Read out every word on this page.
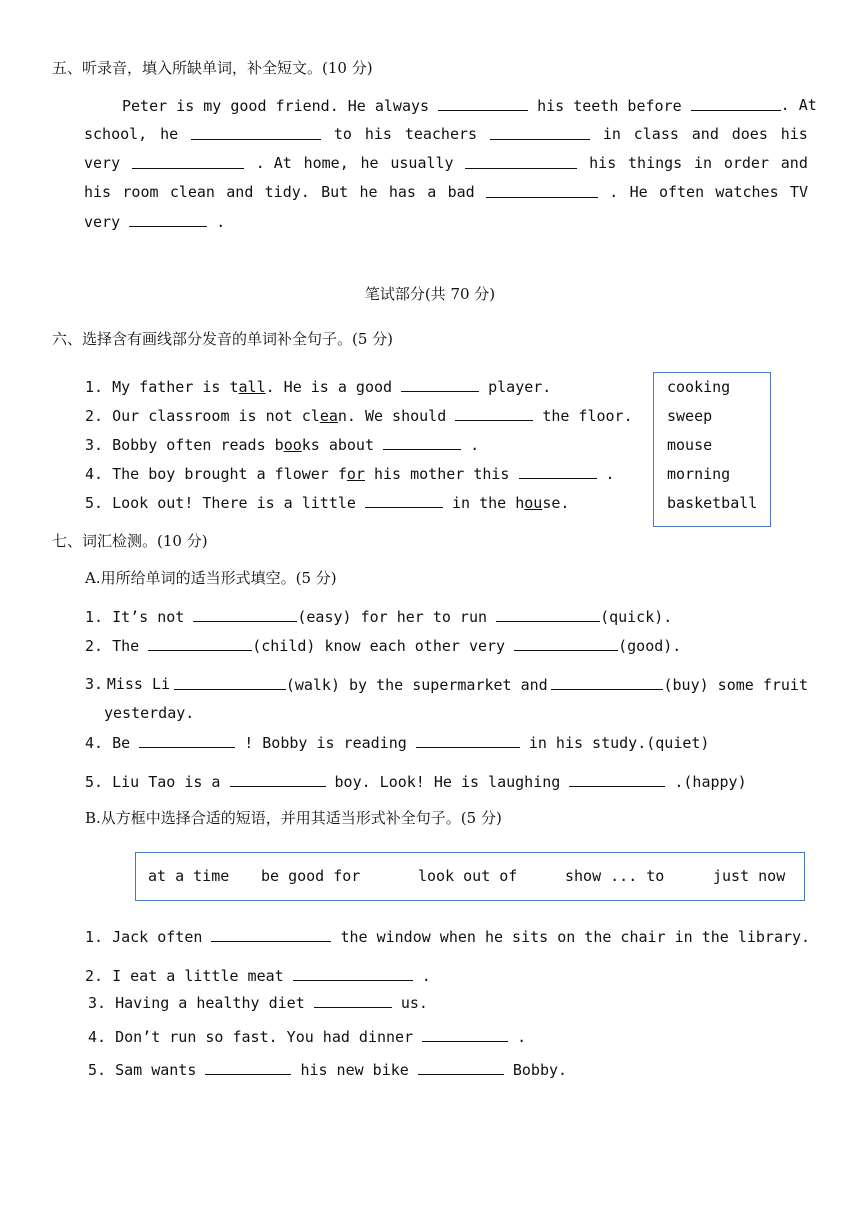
五、听录音，填入所缺单词，补全短文。(10 分)
Peter is my good friend. He always	his teeth before	. At
school, he	to his teachers	in class and does his
very	. At home, he usually	his things in order and
his room clean and tidy. But he has a bad	. He often watches TV
very	.
笔试部分(共 70 分)
六、选择含有画线部分发音的单词补全句子。(5 分)
1. My father is tall. He is a good	player.
2. Our classroom is not clean. We should	the floor.
3. Bobby often reads books about	.
4. The boy brought a flower for his mother this	.
5. Look out! There is a little	in the house.
cooking
sweep
mouse
morning
basketball
七、词汇检测。(10 分)
A.用所给单词的适当形式填空。(5 分)
1. It’s not	(easy) for her to run	(quick).
2. The	(child) know each other very	(good).
3. Miss Li	(walk) by the supermarket and	(buy) some fruit
yesterday.
4. Be	! Bobby is reading	in his study.(quiet)
5. Liu Tao is a	boy. Look! He is laughing	.(happy)
B.从方框中选择合适的短语，并用其适当形式补全句子。(5 分)
at a time be good for	look out of	show ... to	just now
1. Jack often	the window when he sits on the chair in the library.
2. I eat a little meat	.
3. Having a healthy diet	us.
4. Don’t run so fast. You had dinner	.
5. Sam wants	his new bike	Bobby.
